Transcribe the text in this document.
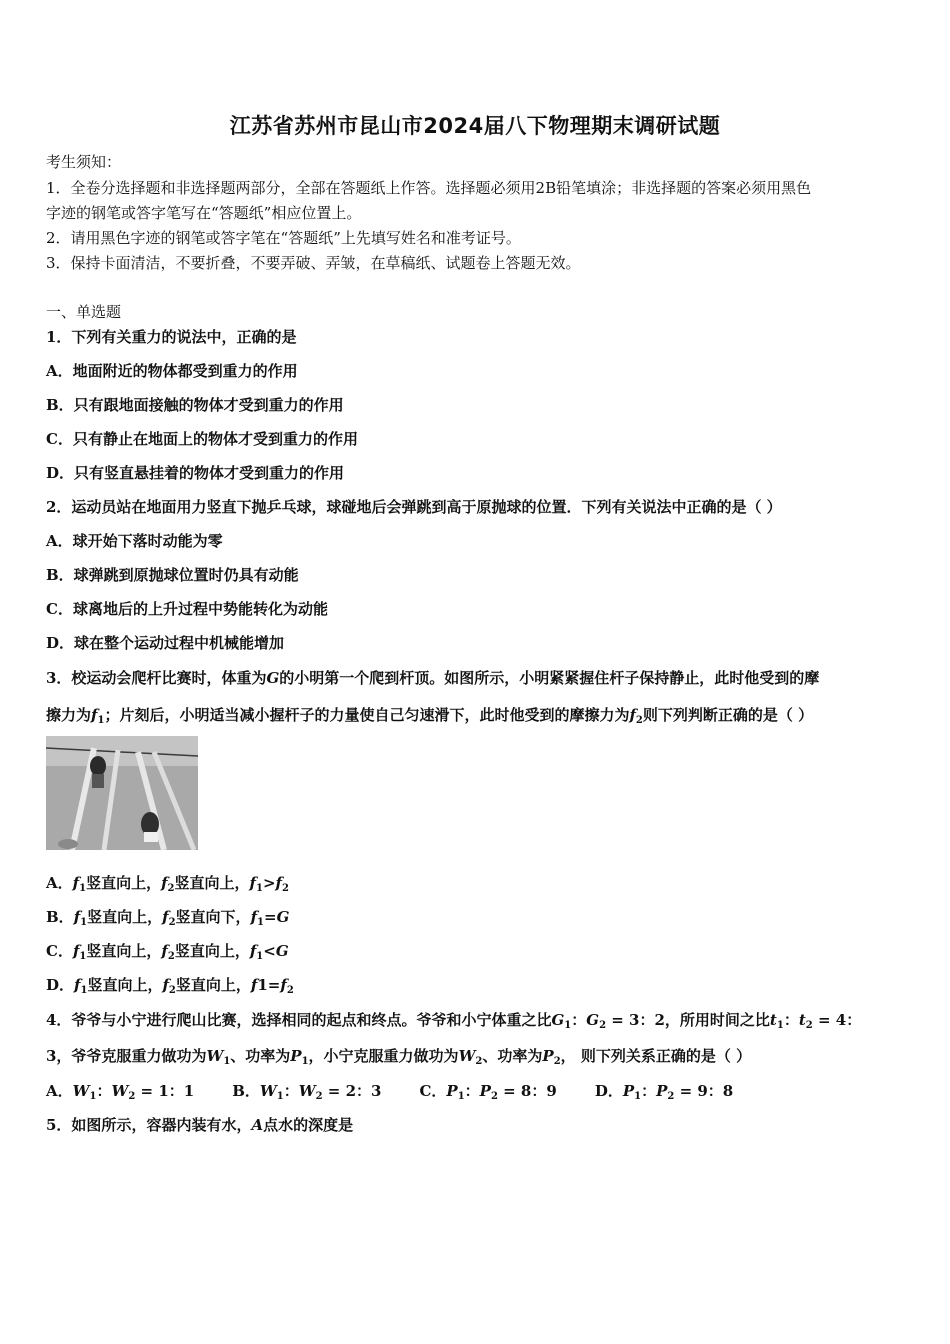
江苏省苏州市昆山市2024届八下物理期末调研试题
考生须知：
1．全卷分选择题和非选择题两部分，全部在答题纸上作答。选择题必须用2B铅笔填涂；非选择题的答案必须用黑色
字迹的钢笔或答字笔写在“答题纸”相应位置上。
2．请用黑色字迹的钢笔或答字笔在“答题纸”上先填写姓名和准考证号。
3．保持卡面清洁，不要折叠，不要弄破、弄皱，在草稿纸、试题卷上答题无效。
一、单选题
1．下列有关重力的说法中，正确的是
A．地面附近的物体都受到重力的作用
B．只有跟地面接触的物体才受到重力的作用
C．只有静止在地面上的物体才受到重力的作用
D．只有竖直悬挂着的物体才受到重力的作用
2．运动员站在地面用力竖直下抛乒乓球，球碰地后会弹跳到高于原抛球的位置．下列有关说法中正确的是（ ）
A．球开始下落时动能为零
B．球弹跳到原抛球位置时仍具有动能
C．球离地后的上升过程中势能转化为动能
D．球在整个运动过程中机械能增加
3．校运动会爬杆比赛时，体重为G的小明第一个爬到杆顶。如图所示，小明紧紧握住杆子保持静止，此时他受到的摩
擦力为$f_1$；片刻后，小明适当减小握杆子的力量使自己匀速滑下，此时他受到的摩擦力为$f_2$则下列判断正确的是（ ）
A．$f_1$竖直向上，$f_2$竖直向上，$f_1>f_2$
B．$f_1$竖直向上，$f_2$竖直向下，$f_1=G$
C．$f_1$竖直向上，$f_2$竖直向上，$f_1<G$
D．$f_1$竖直向上，$f_2$竖直向上，$f1=f_2$
4．爷爷与小宁进行爬山比赛，选择相同的起点和终点。爷爷和小宁体重之比$G_1$：$G_2 = 3$：2，所用时间之比$t_1$：$t_2 = 4$：
3，爷爷克服重力做功为$W_1$、功率为$P_1$，小宁克服重力做功为$W_2$、功率为$P_2$， 则下列关系正确的是（ ）
A．$W_1$：$W_2 = 1$：1	B．$W_1$：$W_2 = 2$：3	C．$P_1$：$P_2 = 8$：9	D．$P_1$：$P_2 = 9$：8
5．如图所示，容器内装有水，A点水的深度是
